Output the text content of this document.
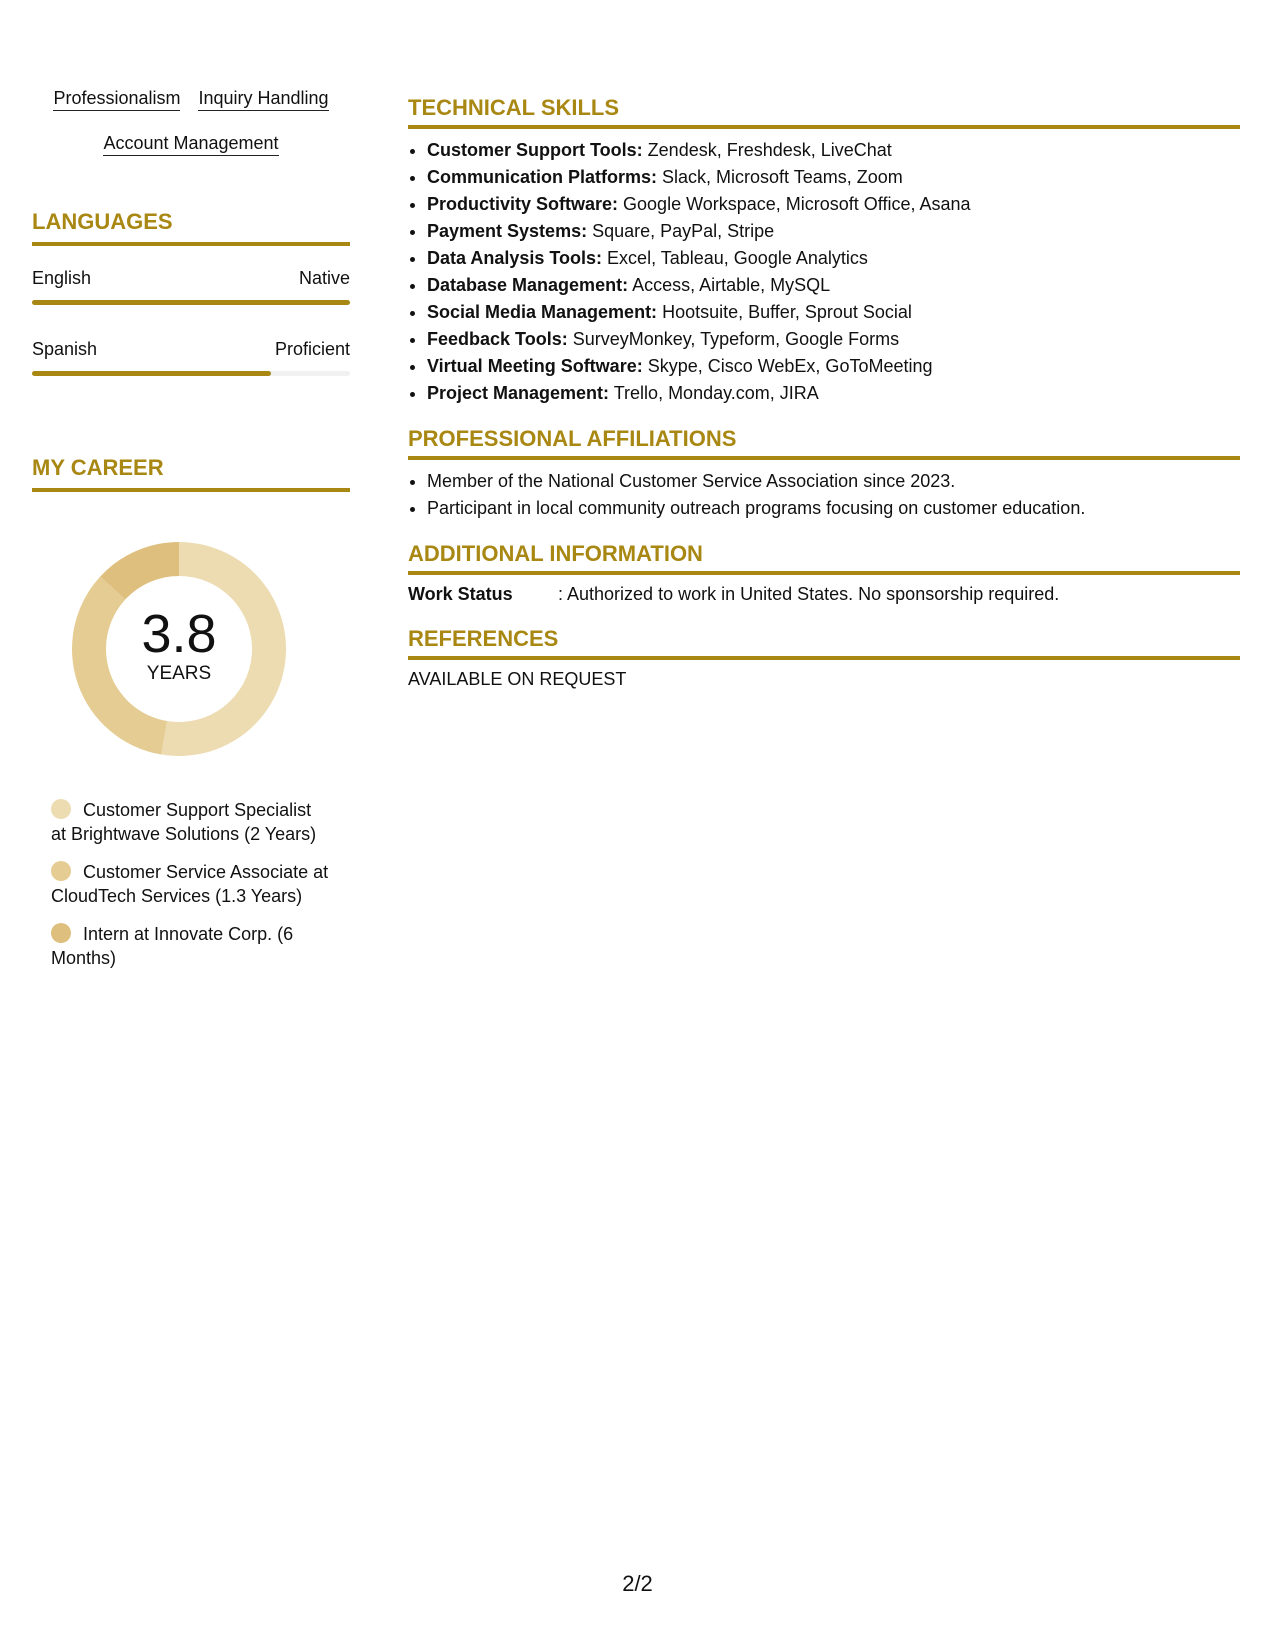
Professionalism Inquiry Handling
Account Management
LANGUAGES
English	Native
Spanish	Proficient
MY CAREER
3.8
YEARS
Customer Support Specialist at Brightwave Solutions (2 Years)
Customer Service Associate at CloudTech Services (1.3 Years)
Intern at Innovate Corp. (6 Months)
TECHNICAL SKILLS
• Customer Support Tools: Zendesk, Freshdesk, LiveChat
• Communication Platforms: Slack, Microsoft Teams, Zoom
• Productivity Software: Google Workspace, Microsoft Office, Asana
• Payment Systems: Square, PayPal, Stripe
• Data Analysis Tools: Excel, Tableau, Google Analytics
• Database Management: Access, Airtable, MySQL
• Social Media Management: Hootsuite, Buffer, Sprout Social
• Feedback Tools: SurveyMonkey, Typeform, Google Forms
• Virtual Meeting Software: Skype, Cisco WebEx, GoToMeeting
• Project Management: Trello, Monday.com, JIRA
PROFESSIONAL AFFILIATIONS
• Member of the National Customer Service Association since 2023.
• Participant in local community outreach programs focusing on customer education.
ADDITIONAL INFORMATION
Work Status	: Authorized to work in United States. No sponsorship required.
REFERENCES
AVAILABLE ON REQUEST
2/2
